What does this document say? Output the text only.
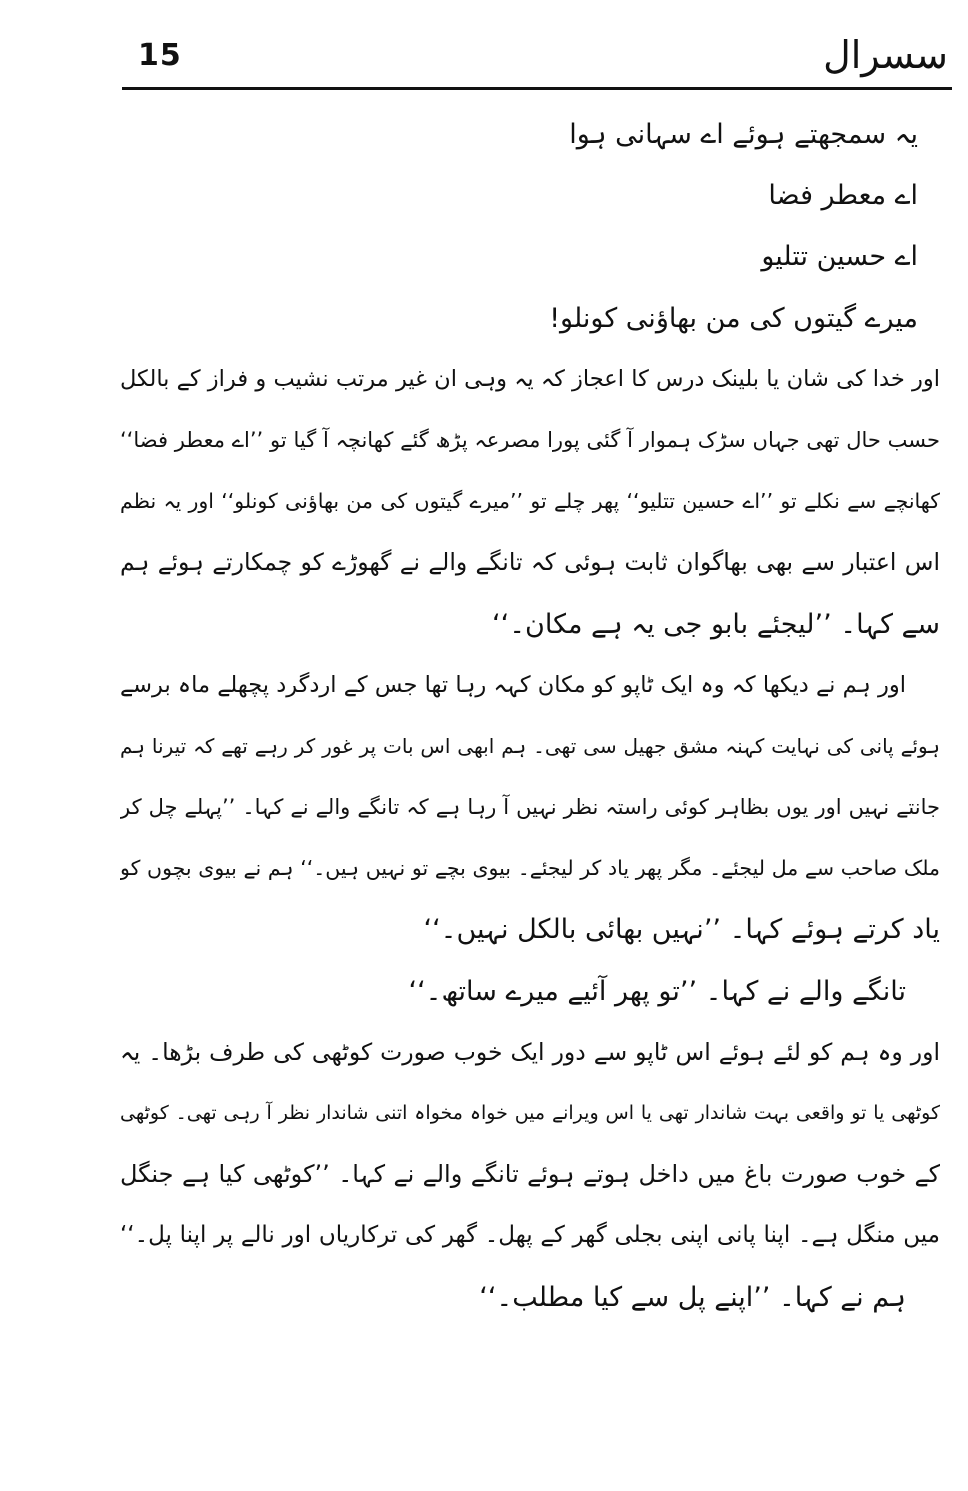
15	سسرال
یہ سمجھتے ہوئے اے سہانی ہوا
اے معطر فضا
اے حسین تتلیو
میرے گیتوں کی من بھاؤنی کونلو!
اور خدا کی شان یا بلینک درس کا اعجاز کہ یہ وہی ان غیر مرتب نشیب و فراز کے بالکل
حسب حال تھی جہاں سڑک ہموار آ گئی پورا مصرعہ پڑھ گئے کھانچہ آ گیا تو ’’اے معطر فضا‘‘
کھانچے سے نکلے تو ’’اے حسین تتلیو‘‘ پھر چلے تو ’’میرے گیتوں کی من بھاؤنی کونلو‘‘ اور یہ نظم
اس اعتبار سے بھی بھاگوان ثابت ہوئی کہ تانگے والے نے گھوڑے کو چمکارتے ہوئے ہم
سے کہا۔ ’’لیجئے بابو جی یہ ہے مکان۔‘‘
اور ہم نے دیکھا کہ وہ ایک ٹاپو کو مکان کہہ رہا تھا جس کے اردگرد پچھلے ماہ برسے
ہوئے پانی کی نہایت کہنہ مشق جھیل سی تھی۔ ہم ابھی اس بات پر غور کر رہے تھے کہ تیرنا ہم
جانتے نہیں اور یوں بظاہر کوئی راستہ نظر نہیں آ رہا ہے کہ تانگے والے نے کہا۔ ’’پہلے چل کر
ملک صاحب سے مل لیجئے۔ مگر پھر یاد کر لیجئے۔ بیوی بچے تو نہیں ہیں۔‘‘ ہم نے بیوی بچوں کو
یاد کرتے ہوئے کہا۔ ’’نہیں بھائی بالکل نہیں۔‘‘
تانگے والے نے کہا۔ ’’تو پھر آئیے میرے ساتھ۔‘‘
اور وہ ہم کو لئے ہوئے اس ٹاپو سے دور ایک خوب صورت کوٹھی کی طرف بڑھا۔ یہ
کوٹھی یا تو واقعی بہت شاندار تھی یا اس ویرانے میں خواہ مخواہ اتنی شاندار نظر آ رہی تھی۔ کوٹھی
کے خوب صورت باغ میں داخل ہوتے ہوئے تانگے والے نے کہا۔ ’’کوٹھی کیا ہے جنگل
میں منگل ہے۔ اپنا پانی اپنی بجلی گھر کے پھل۔ گھر کی ترکاریاں اور نالے پر اپنا پل۔‘‘
ہم نے کہا۔ ’’اپنے پل سے کیا مطلب۔‘‘
